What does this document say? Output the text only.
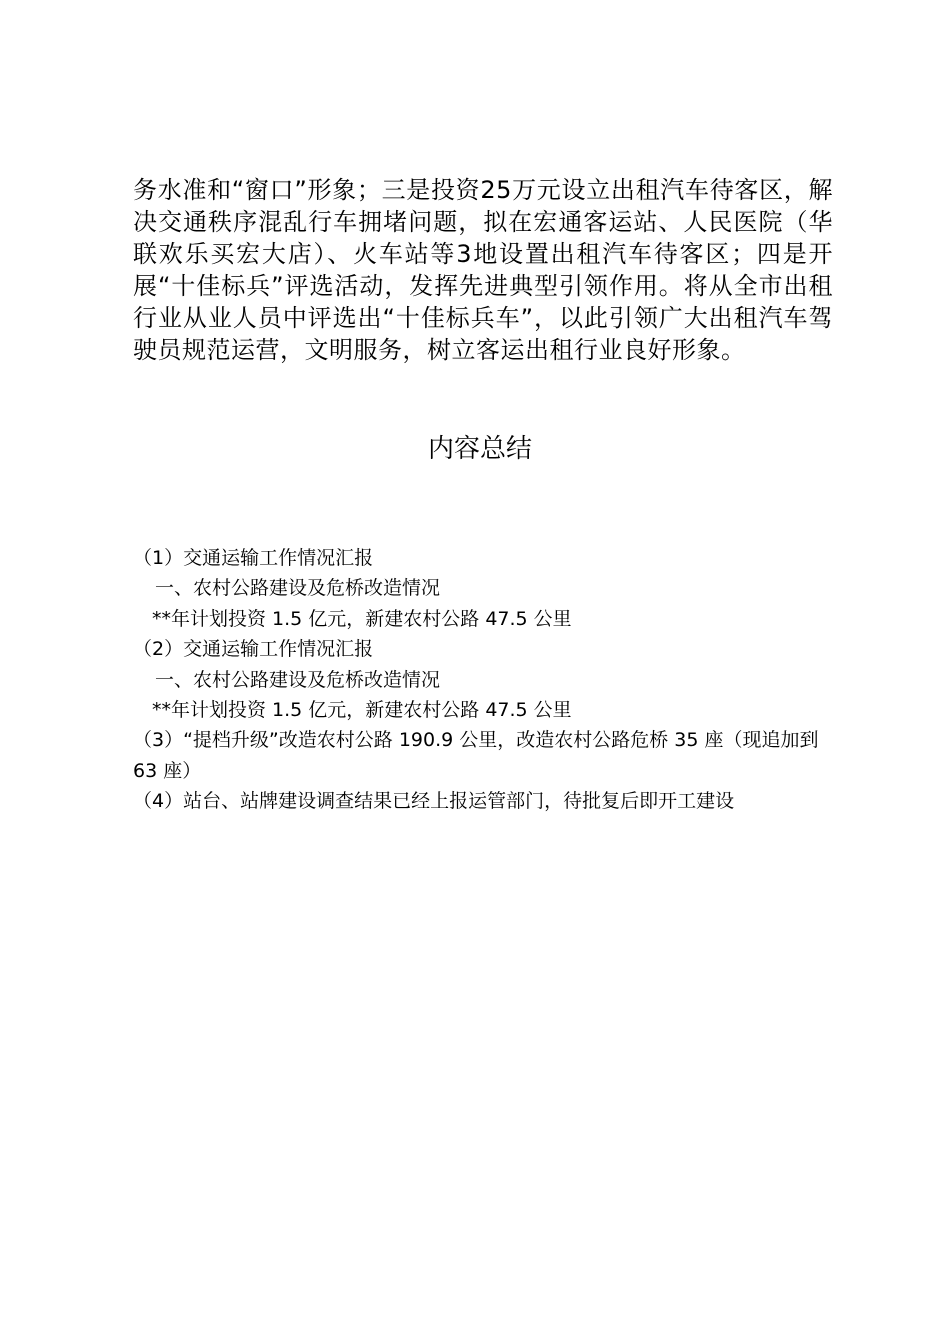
务水准和“窗口”形象；三是投资25万元设立出租汽车待客区，解决交通秩序混乱行车拥堵问题，拟在宏通客运站、人民医院（华联欢乐买宏大店）、火车站等3地设置出租汽车待客区；四是开展“十佳标兵”评选活动，发挥先进典型引领作用。将从全市出租行业从业人员中评选出“十佳标兵车”，以此引领广大出租汽车驾驶员规范运营，文明服务，树立客运出租行业良好形象。

内容总结

（1）交通运输工作情况汇报

一、农村公路建设及危桥改造情况

**年计划投资 1.5 亿元，新建农村公路 47.5 公里

（2）交通运输工作情况汇报

一、农村公路建设及危桥改造情况

**年计划投资 1.5 亿元，新建农村公路 47.5 公里

（3）“提档升级”改造农村公路 190.9 公里，改造农村公路危桥 35 座（现追加到 63 座）

（4）站台、站牌建设调查结果已经上报运管部门，待批复后即开工建设
